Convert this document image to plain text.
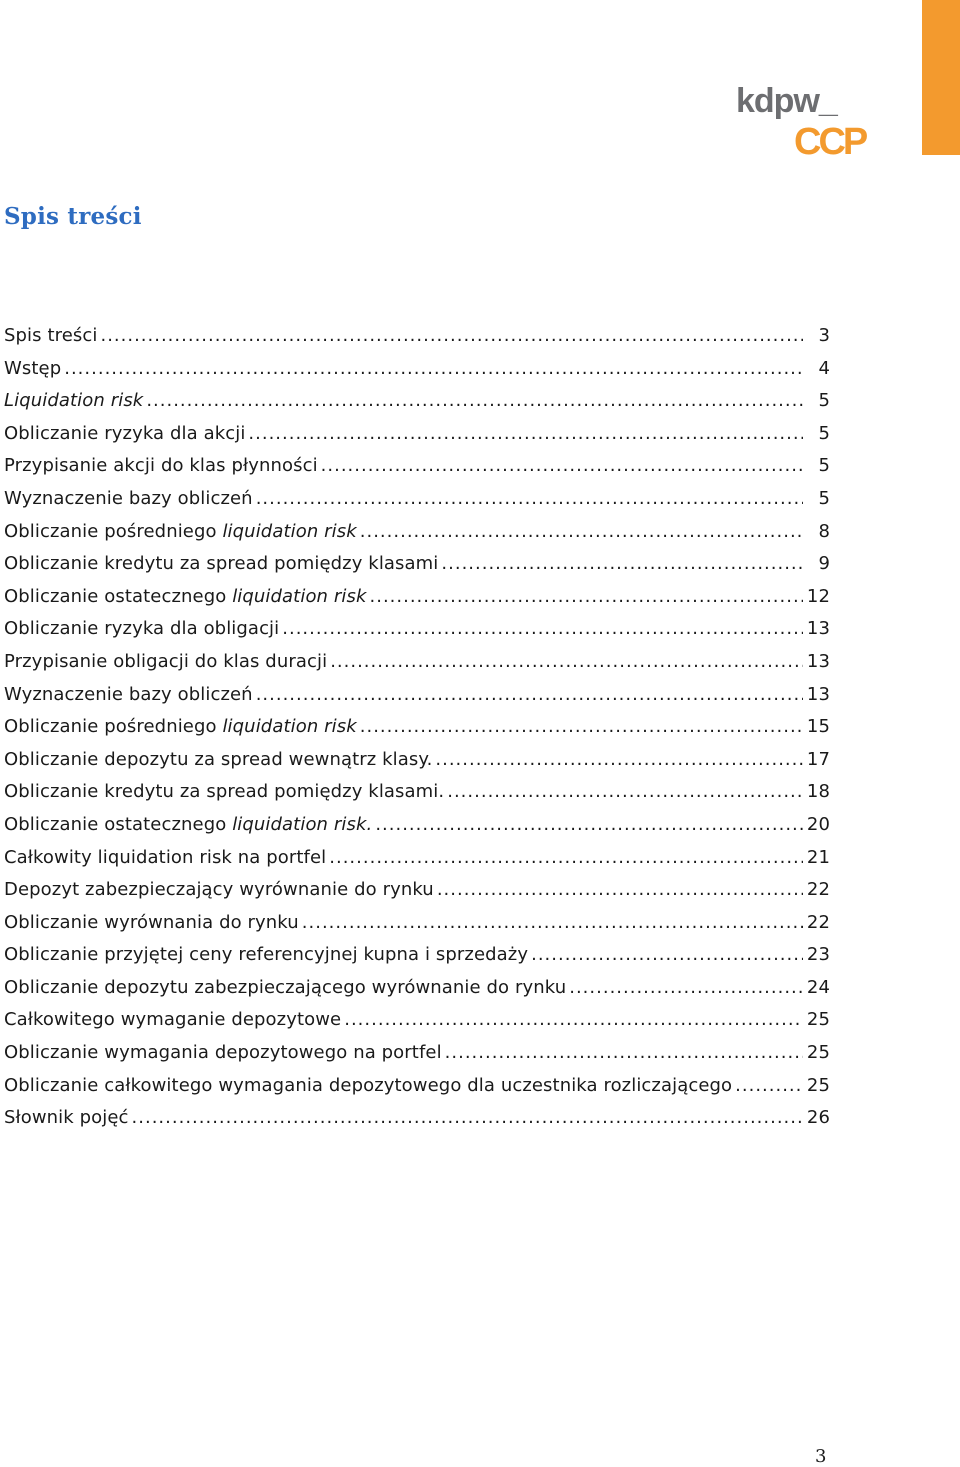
kdpw_
CCP
Spis treści
Spis treści .....	3
Wstęp .....	4
Liquidation risk .....	5
Obliczanie ryzyka dla akcji .....	5
Przypisanie akcji do klas płynności .....	5
Wyznaczenie bazy obliczeń .....	5
Obliczanie pośredniego liquidation risk .....	8
Obliczanie kredytu za spread pomiędzy klasami .....	9
Obliczanie ostatecznego liquidation risk .....	12
Obliczanie ryzyka dla obligacji .....	13
Przypisanie obligacji do klas duracji .....	13
Wyznaczenie bazy obliczeń .....	13
Obliczanie pośredniego liquidation risk .....	15
Obliczanie depozytu za spread wewnątrz klasy. .....	17
Obliczanie kredytu za spread pomiędzy klasami. .....	18
Obliczanie ostatecznego liquidation risk. .....	20
Całkowity liquidation risk na portfel .....	21
Depozyt zabezpieczający wyrównanie do rynku .....	22
Obliczanie wyrównania do rynku .....	22
Obliczanie przyjętej ceny referencyjnej kupna i sprzedaży .....	23
Obliczanie depozytu zabezpieczającego wyrównanie do rynku .....	24
Całkowitego wymaganie depozytowe .....	25
Obliczanie wymagania depozytowego na portfel .....	25
Obliczanie całkowitego wymagania depozytowego dla uczestnika rozliczającego .....	25
Słownik pojęć .....	26
3
